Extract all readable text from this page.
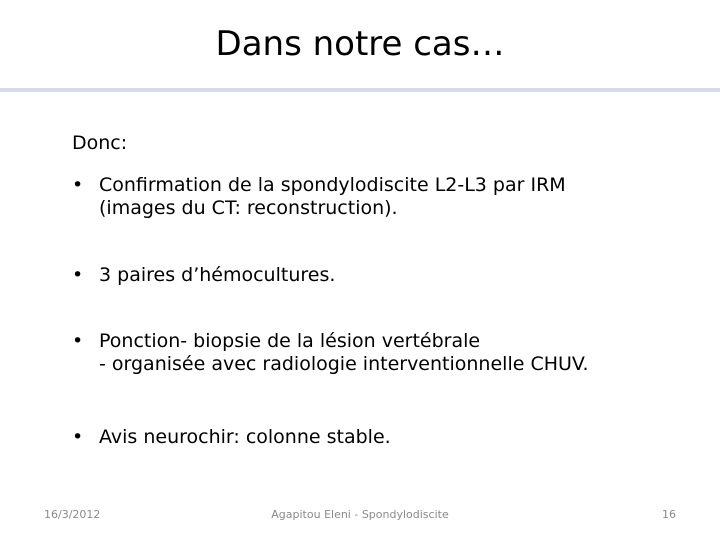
Dans notre cas…
Donc:
• Confirmation de la spondylodiscite L2-L3 par IRM
(images du CT: reconstruction).
• 3 paires d’hémocultures.
• Ponction- biopsie de la lésion vertébrale
- organisée avec radiologie interventionnelle CHUV.
• Avis neurochir: colonne stable.
16/3/2012	Agapitou Eleni - Spondylodiscite	16
